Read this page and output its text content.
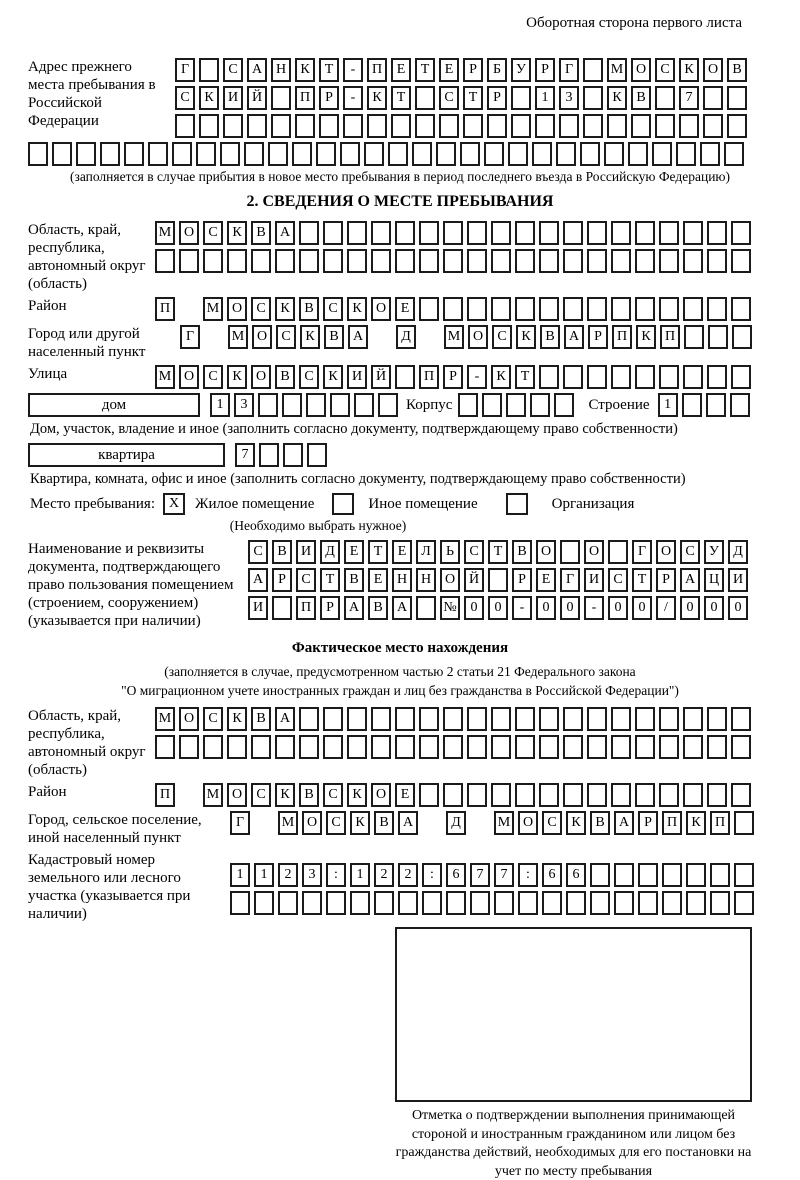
Оборотная сторона первого листа
Адрес прежнего места пребывания в Российской Федерации
Г	С	А Н	К	Т	-	П	Е	Т	Е	Р	Б	У	Р	Г	М О	С	К	О	В
С	К	И Й	П	Р	-	К	Т	С	Т	Р	1	3	К	В	7
(заполняется в случае прибытия в новое место пребывания в период последнего въезда в Российскую Федерацию)
2. СВЕДЕНИЯ О МЕСТЕ ПРЕБЫВАНИЯ
Область, край, республика, автономный округ (область)
М О	С	К	В	А
Район	П	М О	С	К	В	С	К	О	Е
Город или другой населенный пункт
Г	М О	С	К	В	А	Д	М О	С	К	В	А	Р	П	К	П
Улица	М О	С	К	О	В	С	К	И Й	П	Р	-	К	Т
дом	1	3	Корпус	Строение	1
Дом, участок, владение и иное (заполнить согласно документу, подтверждающему право собственности)
квартира	7
Квартира, комната, офис и иное (заполнить согласно документу, подтверждающему право собственности)
Место пребывания: X	Жилое помещение	Иное помещение	Организация
(Необходимо выбрать нужное)
Наименование и реквизиты документа, подтверждающего право пользования помещением (строением, сооружением) (указывается при наличии)
С	В	И	Д	Е	Т	Е	Л	Ь	С	Т	В	О	О	Г	О	С	У	Д
А	Р	С	Т	В	Е	Н Н О Й	Р	Е	Г	И	С	Т	Р	А Ц И
И	П	Р	А	В	А	№ 0	0	-	0	0	-	0	0	/	0	0	0
Фактическое место нахождения
(заполняется в случае, предусмотренном частью 2 статьи 21 Федерального закона
"О миграционном учете иностранных граждан и лиц без гражданства в Российской Федерации")
Область, край, республика, автономный округ (область)
М О	С	К	В	А
Район	П	М О	С	К	В	С	К	О	Е
Город, сельское поселение, иной населенный пункт
Г	М О	С	К	В	А	Д	М О	С	К	В	А	Р	П	К	П
Кадастровый номер земельного или лесного участка (указывается при наличии)
1	1	2	3	:	1	2	2	:	6	7	7	:	6	6
Отметка о подтверждении выполнения принимающей стороной и иностранным гражданином или лицом без гражданства действий, необходимых для его постановки на учет по месту пребывания
